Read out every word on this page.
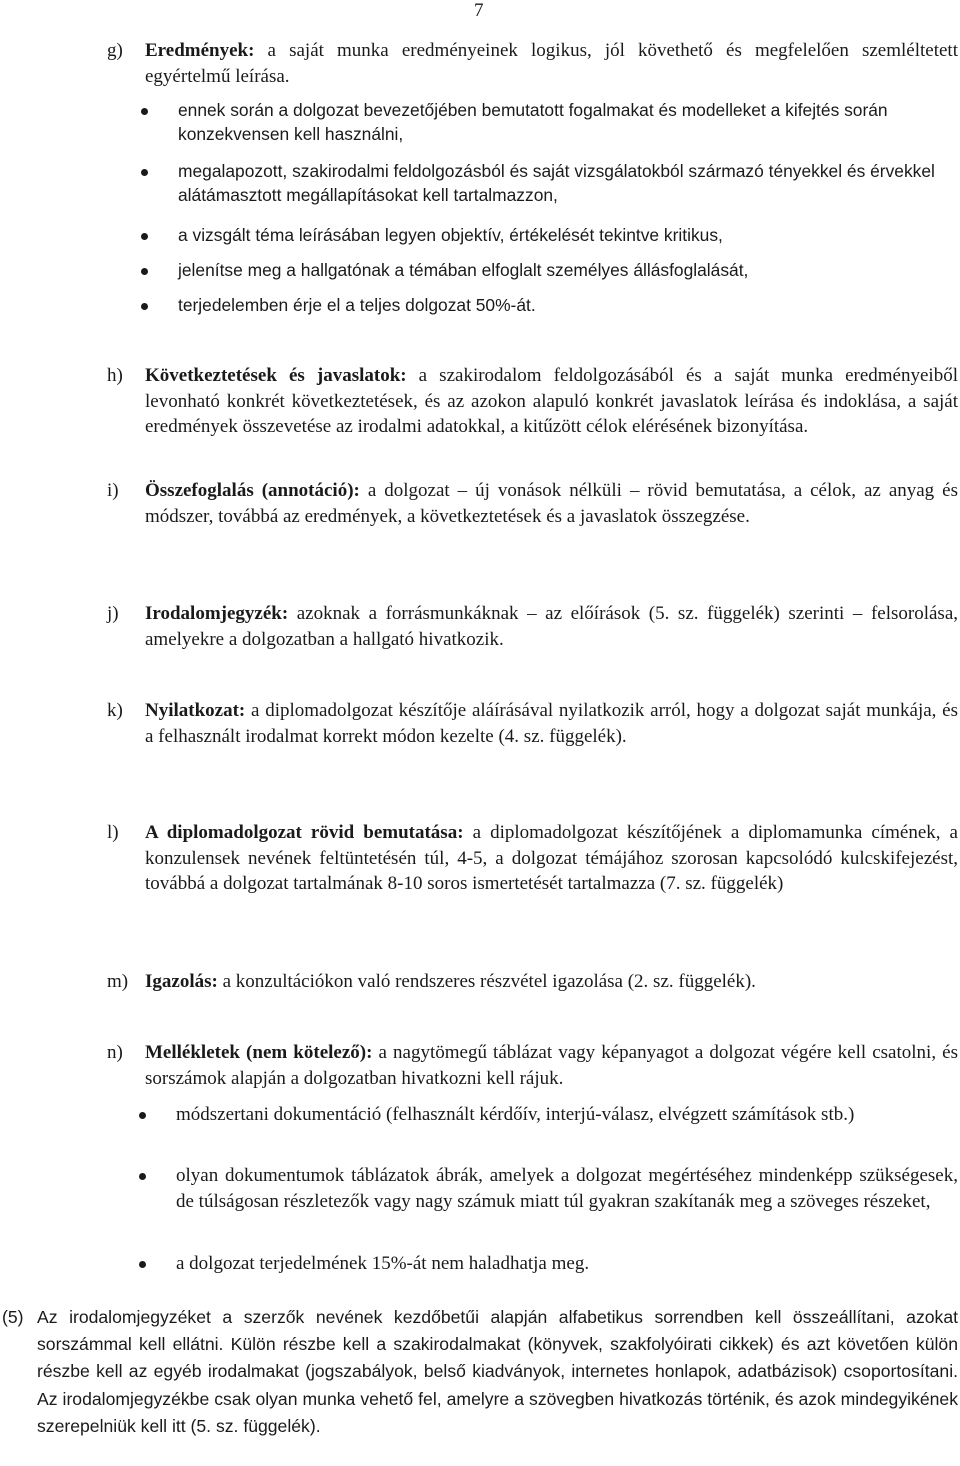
7
g) Eredmények: a saját munka eredményeinek logikus, jól követhető és megfelelően szemléltetett egyértelmű leírása.
ennek során a dolgozat bevezetőjében bemutatott fogalmakat és modelleket a kifejtés során konzekvensen kell használni,
megalapozott, szakirodalmi feldolgozásból és saját vizsgálatokból származó tényekkel és érvekkel alátámasztott megállapításokat kell tartalmazzon,
a vizsgált téma leírásában legyen objektív, értékelését tekintve kritikus,
jelenítse meg a hallgatónak a témában elfoglalt személyes állásfoglalását,
terjedelemben érje el a teljes dolgozat 50%-át.
h) Következtetések és javaslatok: a szakirodalom feldolgozásából és a saját munka eredményeiből levonható konkrét következtetések, és az azokon alapuló konkrét javaslatok leírása és indoklása, a saját eredmények összevetése az irodalmi adatokkal, a kitűzött célok elérésének bizonyítása.
i) Összefoglalás (annotáció): a dolgozat – új vonások nélküli – rövid bemutatása, a célok, az anyag és módszer, továbbá az eredmények, a következtetések és a javaslatok összegzése.
j) Irodalomjegyzék: azoknak a forrásmunkáknak – az előírások (5. sz. függelék) szerinti – felsorolása, amelyekre a dolgozatban a hallgató hivatkozik.
k) Nyilatkozat: a diplomadolgozat készítője aláírásával nyilatkozik arról, hogy a dolgozat saját munkája, és a felhasznált irodalmat korrekt módon kezelte (4. sz. függelék).
l) A diplomadolgozat rövid bemutatása: a diplomadolgozat készítőjének a diplomamunka címének, a konzulensek nevének feltüntetésén túl, 4-5, a dolgozat témájához szorosan kapcsolódó kulcskifejezést, továbbá a dolgozat tartalmának 8-10 soros ismertetését tartalmazza (7. sz. függelék)
m) Igazolás: a konzultációkon való rendszeres részvétel igazolása (2. sz. függelék).
n) Mellékletek (nem kötelező): a nagytömegű táblázat vagy képanyagot a dolgozat végére kell csatolni, és sorszámok alapján a dolgozatban hivatkozni kell rájuk.
módszertani dokumentáció (felhasznált kérdőív, interjú-válasz, elvégzett számítások stb.)
olyan dokumentumok táblázatok ábrák, amelyek a dolgozat megértéséhez mindenképp szükségesek, de túlságosan részletezők vagy nagy számuk miatt túl gyakran szakítanák meg a szöveges részeket,
a dolgozat terjedelmének 15%-át nem haladhatja meg.
(5) Az irodalomjegyzéket a szerzők nevének kezdőbetűi alapján alfabetikus sorrendben kell összeállítani, azokat sorszámmal kell ellátni. Külön részbe kell a szakirodalmakat (könyvek, szakfolyóirati cikkek) és azt követően külön részbe kell az egyéb irodalmakat (jogszabályok, belső kiadványok, internetes honlapok, adatbázisok) csoportosítani. Az irodalomjegyzékbe csak olyan munka vehető fel, amelyre a szövegben hivatkozás történik, és azok mindegyikének szerepelniük kell itt (5. sz. függelék).
